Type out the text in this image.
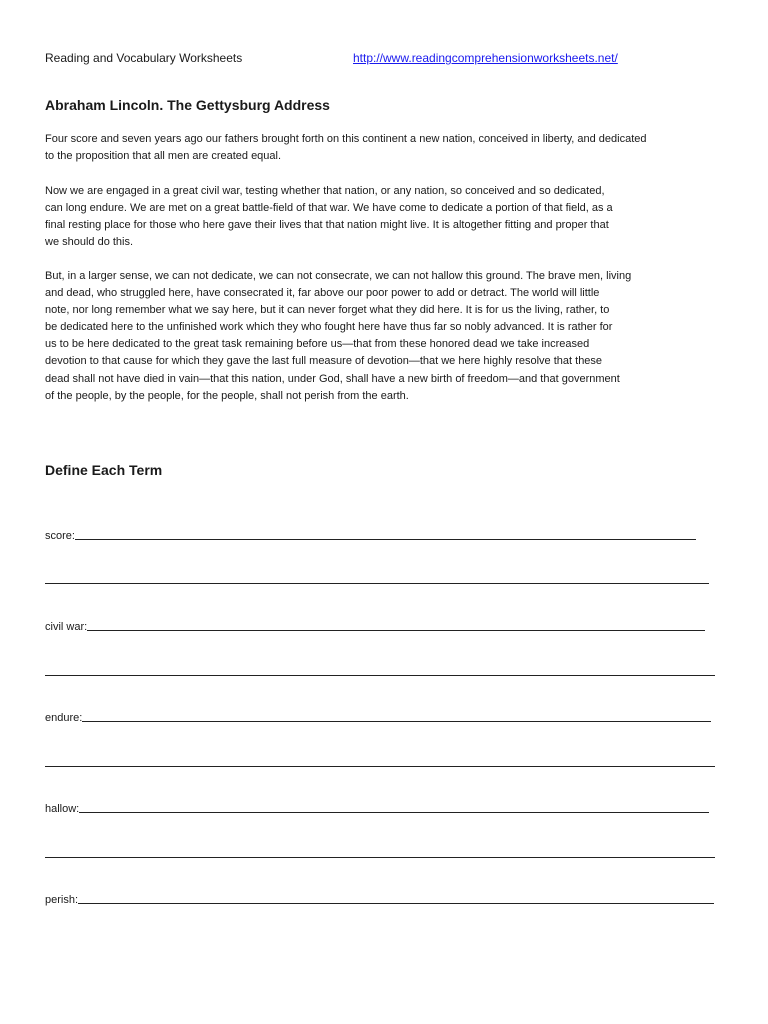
Reading and Vocabulary Worksheets	http://www.readingcomprehensionworksheets.net/
Abraham Lincoln. The Gettysburg Address

Four score and seven years ago our fathers brought forth on this continent a new nation, conceived in liberty, and dedicated
to the proposition that all men are created equal.

Now we are engaged in a great civil war, testing whether that nation, or any nation, so conceived and so dedicated,
can long endure. We are met on a great battle-field of that war. We have come to dedicate a portion of that field, as a
final resting place for those who here gave their lives that that nation might live. It is altogether fitting and proper that
we should do this.

But, in a larger sense, we can not dedicate, we can not consecrate, we can not hallow this ground. The brave men, living
and dead, who struggled here, have consecrated it, far above our poor power to add or detract. The world will little
note, nor long remember what we say here, but it can never forget what they did here. It is for us the living, rather, to
be dedicated here to the unfinished work which they who fought here have thus far so nobly advanced. It is rather for
us to be here dedicated to the great task remaining before us—that from these honored dead we take increased
devotion to that cause for which they gave the last full measure of devotion—that we here highly resolve that these
dead shall not have died in vain—that this nation, under God, shall have a new birth of freedom—and that government
of the people, by the people, for the people, shall not perish from the earth.

Define Each Term
score:
civil war:
endure:
hallow:
perish:
